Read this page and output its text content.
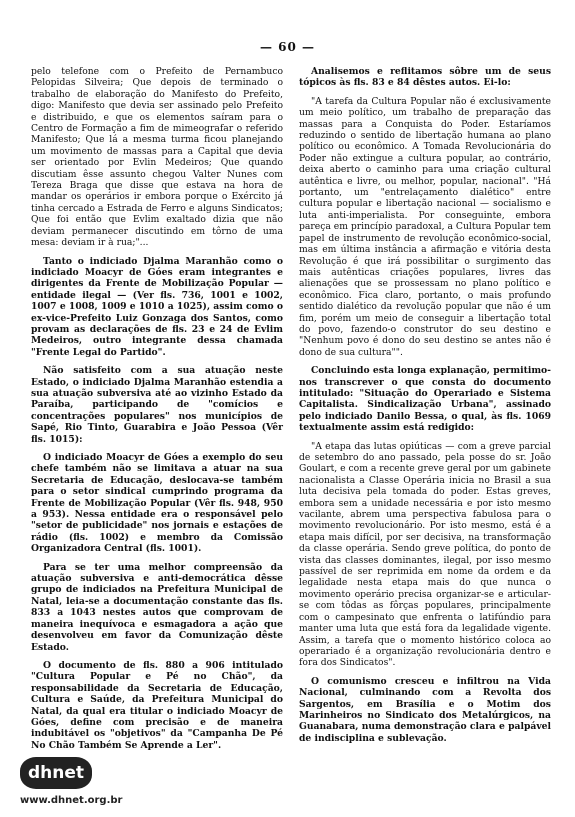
— 60 —

pelo telefone com o Prefeito de Pernambuco Pelopidas Silveira; Que depois de terminado o trabalho de elaboração do Manifesto do Prefeito, digo: Manifesto que devia ser assinado pelo Prefeito e distribuido, e que os elementos saíram para o Centro de Formação a fim de mimeografar o referido Manifesto; Que lá a mesma turma ficou planejando um movimento de massas para a Capital que devia ser orientado por Evlin Medeiros; Que quando discutiam êsse assunto chegou Valter Nunes com Tereza Braga que disse que estava na hora de mandar os operários ir embora porque o Exército já tinha cercado a Estrada de Ferro e alguns Sindicatos; Que foi então que Evlim exaltado dizia que não deviam permanecer discutindo em tôrno de uma mesa: deviam ir à rua;"...

Tanto o indiciado Djalma Maranhão como o indiciado Moacyr de Góes eram integrantes e dirigentes da Frente de Mobilização Popular — entidade ilegal — (Ver fls. 736, 1001 e 1002, 1007 e 1008, 1009 e 1010 a 1025), assim como o ex-vice-Prefeito Luiz Gonzaga dos Santos, como provam as declarações de fls. 23 e 24 de Evlim Medeiros, outro integrante dessa chamada "Frente Legal do Partido".

Não satisfeito com a sua atuação neste Estado, o indiciado Djalma Maranhão estendia a sua atuação subversiva até ao vizinho Estado da Paraíba, participando de "comícios e concentrações populares" nos municípios de Sapé, Rio Tinto, Guarabira e João Pessoa (Vêr fls. 1015):

O indiciado Moacyr de Góes a exemplo do seu chefe também não se limitava a atuar na sua Secretaria de Educação, deslocava-se também para o setor sindical cumprindo programa da Frente de Mobilização Popular (Vêr fls. 948, 950 a 953). Nessa entidade era o responsável pelo "setor de publicidade" nos jornais e estações de rádio (fls. 1002) e membro da Comissão Organizadora Central (fls. 1001).

Para se ter uma melhor compreensão da atuação subversiva e anti-democrática dêsse grupo de indiciados na Prefeitura Municipal de Natal, leia-se a documentação constante das fls. 833 a 1043 nestes autos que comprovam de maneira inequívoca e esmagadora a ação que desenvolveu em favor da Comunização dêste Estado.

O documento de fls. 880 a 906 intitulado "Cultura Popular e Pé no Chão", da responsabilidade da Secretaria de Educação, Cultura e Saúde, da Prefeitura Municipal do Natal, da qual era titular o indiciado Moacyr de Góes, define com precisão e de maneira indubitável os "objetivos" da "Campanha De Pé No Chão Também Se Aprende a Ler".

Analisemos e reflitamos sôbre um de seus tópicos às fls. 83 e 84 dêstes autos. Ei-lo:

"A tarefa da Cultura Popular não é exclusivamente um meio político, um trabalho de preparação das massas para a Conquista do Poder. Estaríamos reduzindo o sentido de libertação humana ao plano político ou econômico. A Tomada Revolucionária do Poder não extingue a cultura popular, ao contrário, deixa aberto o caminho para uma criação cultural autêntica e livre, ou melhor, popular, nacional". "Há portanto, um "entrelaçamento dialético" entre cultura popular e libertação nacional — socialismo e luta anti-imperialista. Por conseguinte, embora pareça em princípio paradoxal, a Cultura Popular tem papel de instrumento de revolução econômico-social, mas em última instância a afirmação e vitória desta Revolução é que irá possibilitar o surgimento das mais autênticas criações populares, livres das alienações que se prossessam no plano político e econômico. Fica claro, portanto, o mais profundo sentido dialético da revolução popular que não é um fim, porém um meio de conseguir a libertação total do povo, fazendo-o construtor do seu destino e "Nenhum povo é dono do seu destino se antes não é dono de sua cultura"".

Concluindo esta longa explanação, permitimo-nos transcrever o que consta do documento intitulado: "Situação do Operariado e Sistema Capitalista. Sindicalização Urbana", assinado pelo indiciado Danilo Bessa, o qual, às fls. 1069 textualmente assim está redigido:

"A etapa das lutas opiúticas — com a greve parcial de setembro do ano passado, pela posse do sr. João Goulart, e com a recente greve geral por um gabinete nacionalista a Classe Operária inicia no Brasil a sua luta decisiva pela tomada do poder. Estas greves, embora sem a unidade necessária e por isto mesmo vacilante, abrem uma perspectiva fabulosa para o movimento revolucionário. Por isto mesmo, está é a etapa mais difícil, por ser decisiva, na transformação da classe operária. Sendo greve política, do ponto de vista das classes dominantes, ilegal, por isso mesmo passível de ser reprimida em nome da ordem e da legalidade nesta etapa mais do que nunca o movimento operário precisa organizar-se e articular-se com tôdas as fôrças populares, principalmente com o campesinato que enfrenta o latifúndio para manter uma luta que está fora da legalidade vigente. Assim, a tarefa que o momento histórico coloca ao operariado é a organização revolucionária dentro e fora dos Sindicatos".

O comunismo cresceu e infiltrou na Vida Nacional, culminando com a Revolta dos Sargentos, em Brasília e o Motim dos Marinheiros no Sindicato dos Metalúrgicos, na Guanabara, numa demonstração clara e palpável de indisciplina e sublevação.

dhnet
www.dhnet.org.br
